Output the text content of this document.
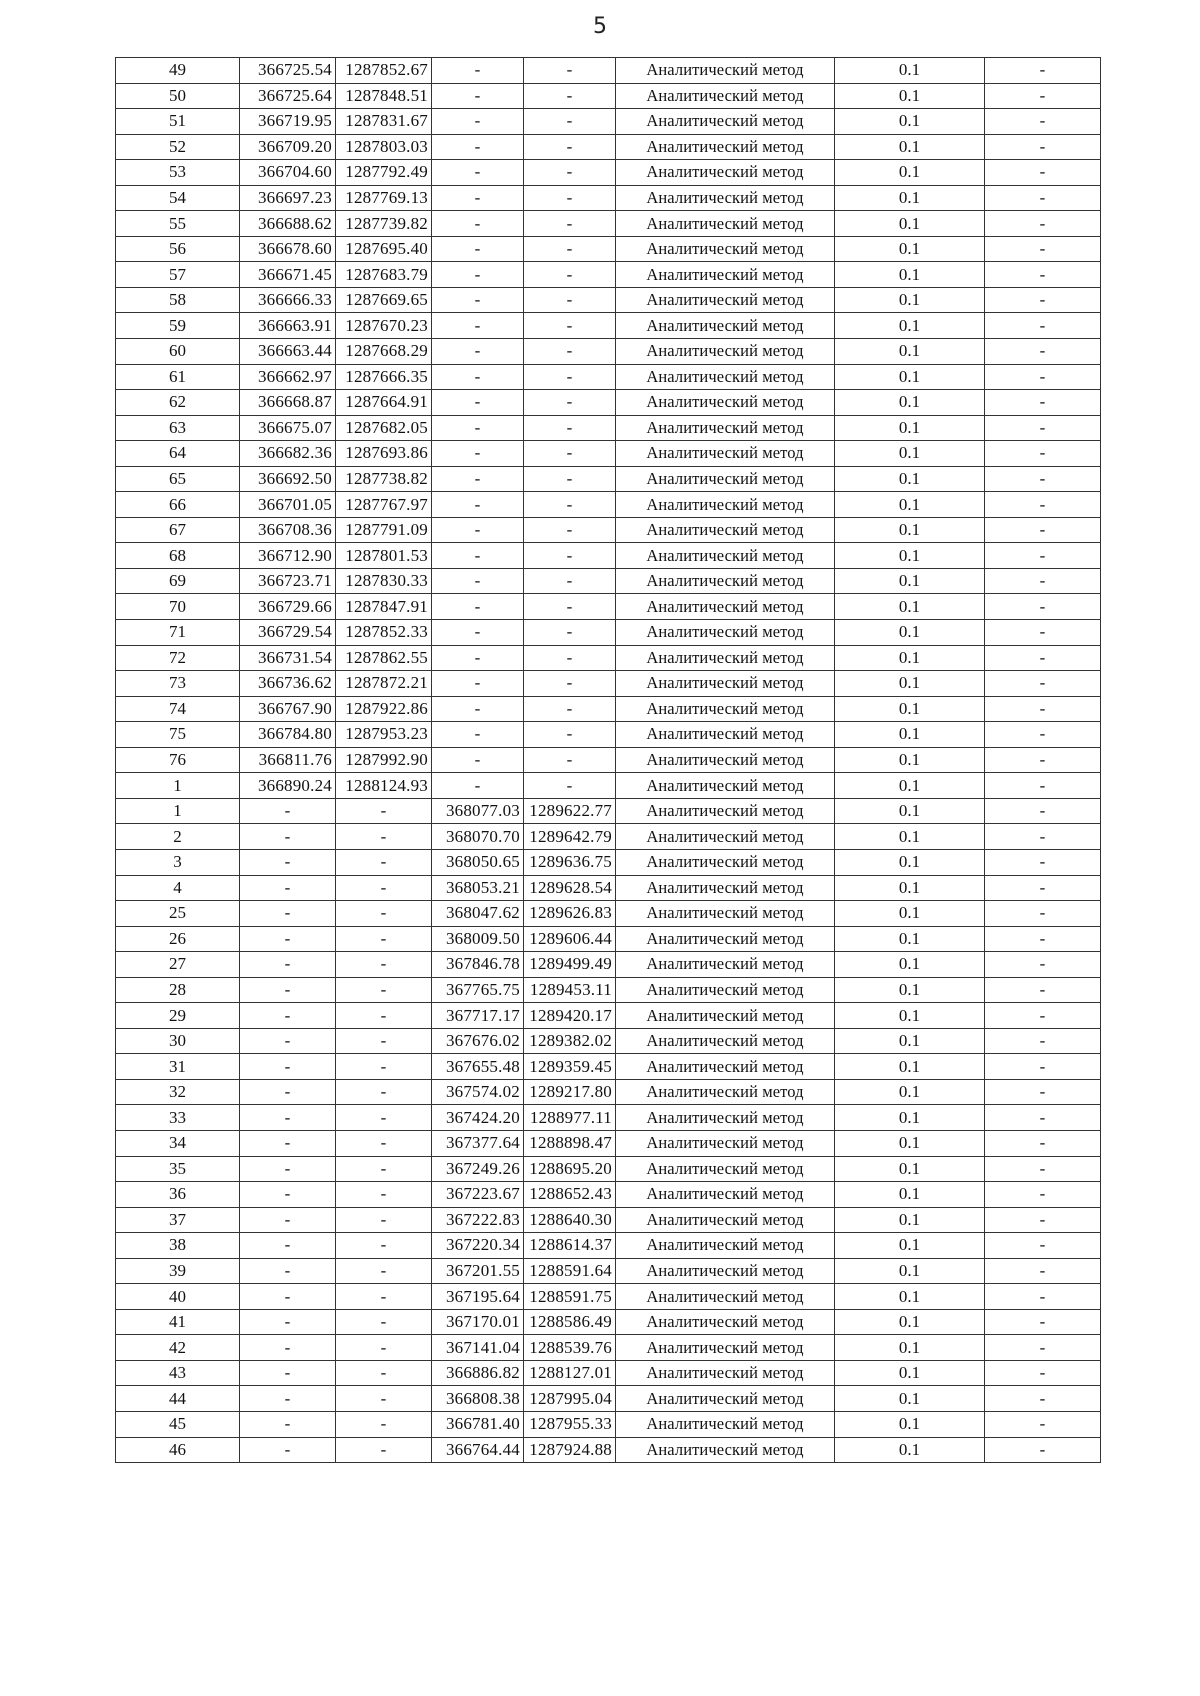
5
49	366725.54	1287852.67	-	-	Аналитический метод	0.1	-
50	366725.64	1287848.51	-	-	Аналитический метод	0.1	-
51	366719.95	1287831.67	-	-	Аналитический метод	0.1	-
52	366709.20	1287803.03	-	-	Аналитический метод	0.1	-
53	366704.60	1287792.49	-	-	Аналитический метод	0.1	-
54	366697.23	1287769.13	-	-	Аналитический метод	0.1	-
55	366688.62	1287739.82	-	-	Аналитический метод	0.1	-
56	366678.60	1287695.40	-	-	Аналитический метод	0.1	-
57	366671.45	1287683.79	-	-	Аналитический метод	0.1	-
58	366666.33	1287669.65	-	-	Аналитический метод	0.1	-
59	366663.91	1287670.23	-	-	Аналитический метод	0.1	-
60	366663.44	1287668.29	-	-	Аналитический метод	0.1	-
61	366662.97	1287666.35	-	-	Аналитический метод	0.1	-
62	366668.87	1287664.91	-	-	Аналитический метод	0.1	-
63	366675.07	1287682.05	-	-	Аналитический метод	0.1	-
64	366682.36	1287693.86	-	-	Аналитический метод	0.1	-
65	366692.50	1287738.82	-	-	Аналитический метод	0.1	-
66	366701.05	1287767.97	-	-	Аналитический метод	0.1	-
67	366708.36	1287791.09	-	-	Аналитический метод	0.1	-
68	366712.90	1287801.53	-	-	Аналитический метод	0.1	-
69	366723.71	1287830.33	-	-	Аналитический метод	0.1	-
70	366729.66	1287847.91	-	-	Аналитический метод	0.1	-
71	366729.54	1287852.33	-	-	Аналитический метод	0.1	-
72	366731.54	1287862.55	-	-	Аналитический метод	0.1	-
73	366736.62	1287872.21	-	-	Аналитический метод	0.1	-
74	366767.90	1287922.86	-	-	Аналитический метод	0.1	-
75	366784.80	1287953.23	-	-	Аналитический метод	0.1	-
76	366811.76	1287992.90	-	-	Аналитический метод	0.1	-
1	366890.24	1288124.93	-	-	Аналитический метод	0.1	-
1	-	-	368077.03	1289622.77	Аналитический метод	0.1	-
2	-	-	368070.70	1289642.79	Аналитический метод	0.1	-
3	-	-	368050.65	1289636.75	Аналитический метод	0.1	-
4	-	-	368053.21	1289628.54	Аналитический метод	0.1	-
25	-	-	368047.62	1289626.83	Аналитический метод	0.1	-
26	-	-	368009.50	1289606.44	Аналитический метод	0.1	-
27	-	-	367846.78	1289499.49	Аналитический метод	0.1	-
28	-	-	367765.75	1289453.11	Аналитический метод	0.1	-
29	-	-	367717.17	1289420.17	Аналитический метод	0.1	-
30	-	-	367676.02	1289382.02	Аналитический метод	0.1	-
31	-	-	367655.48	1289359.45	Аналитический метод	0.1	-
32	-	-	367574.02	1289217.80	Аналитический метод	0.1	-
33	-	-	367424.20	1288977.11	Аналитический метод	0.1	-
34	-	-	367377.64	1288898.47	Аналитический метод	0.1	-
35	-	-	367249.26	1288695.20	Аналитический метод	0.1	-
36	-	-	367223.67	1288652.43	Аналитический метод	0.1	-
37	-	-	367222.83	1288640.30	Аналитический метод	0.1	-
38	-	-	367220.34	1288614.37	Аналитический метод	0.1	-
39	-	-	367201.55	1288591.64	Аналитический метод	0.1	-
40	-	-	367195.64	1288591.75	Аналитический метод	0.1	-
41	-	-	367170.01	1288586.49	Аналитический метод	0.1	-
42	-	-	367141.04	1288539.76	Аналитический метод	0.1	-
43	-	-	366886.82	1288127.01	Аналитический метод	0.1	-
44	-	-	366808.38	1287995.04	Аналитический метод	0.1	-
45	-	-	366781.40	1287955.33	Аналитический метод	0.1	-
46	-	-	366764.44	1287924.88	Аналитический метод	0.1	-
